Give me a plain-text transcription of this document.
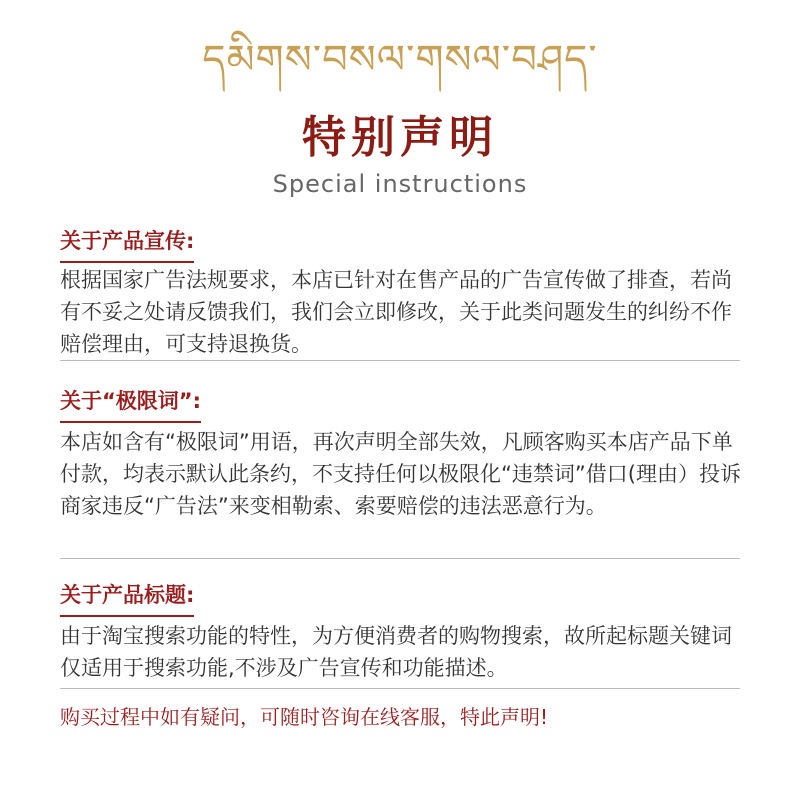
དམིགས་བསལ་གསལ་བཤད་
特别声明
Special instructions
关于产品宣传:
根据国家广告法规要求，本店已针对在售产品的广告宣传做了排查，若尚有不妥之处请反馈我们，我们会立即修改，关于此类问题发生的纠纷不作赔偿理由，可支持退换货。
关于“极限词”:
本店如含有“极限词”用语，再次声明全部失效，凡顾客购买本店产品下单付款，均表示默认此条约，不支持任何以极限化“违禁词”借口(理由）投诉商家违反“广告法”来变相勒索、索要赔偿的违法恶意行为。
关于产品标题:
由于淘宝搜索功能的特性，为方便消费者的购物搜索，故所起标题关键词仅适用于搜索功能,不涉及广告宣传和功能描述。
购买过程中如有疑问，可随时咨询在线客服，特此声明!
